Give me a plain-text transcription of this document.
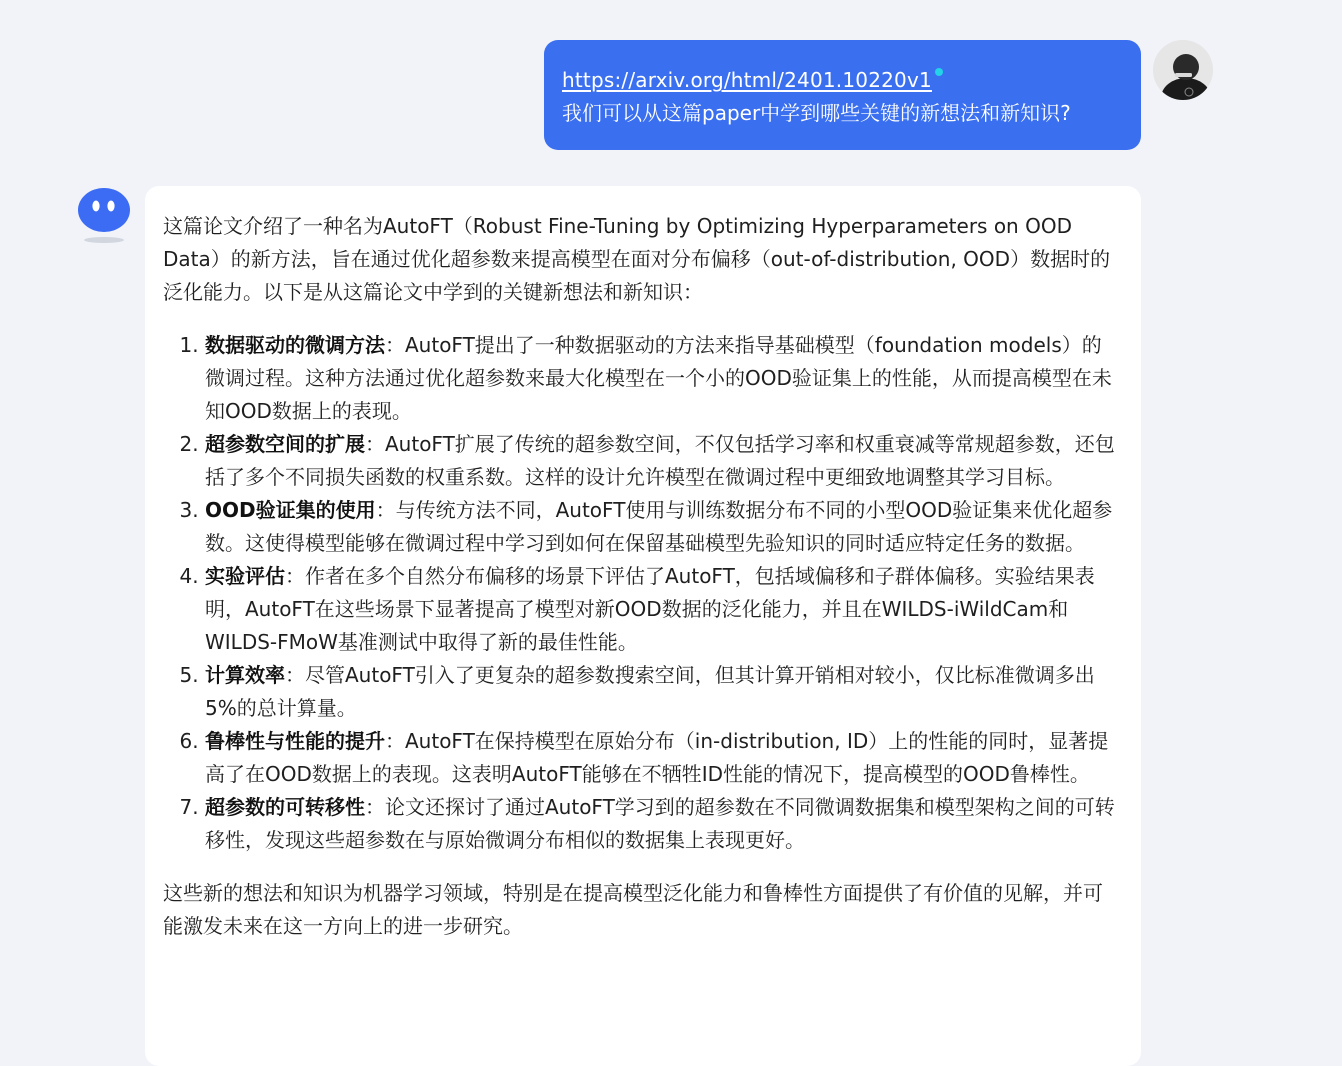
https://arxiv.org/html/2401.10220v1
我们可以从这篇paper中学到哪些关键的新想法和新知识?

这篇论文介绍了一种名为AutoFT（Robust Fine-Tuning by Optimizing Hyperparameters on OOD Data）的新方法，旨在通过优化超参数来提高模型在面对分布偏移（out-of-distribution, OOD）数据时的泛化能力。以下是从这篇论文中学到的关键新想法和新知识：

1. 数据驱动的微调方法：AutoFT提出了一种数据驱动的方法来指导基础模型（foundation models）的微调过程。这种方法通过优化超参数来最大化模型在一个小的OOD验证集上的性能，从而提高模型在未知OOD数据上的表现。
2. 超参数空间的扩展：AutoFT扩展了传统的超参数空间，不仅包括学习率和权重衰减等常规超参数，还包括了多个不同损失函数的权重系数。这样的设计允许模型在微调过程中更细致地调整其学习目标。
3. OOD验证集的使用：与传统方法不同，AutoFT使用与训练数据分布不同的小型OOD验证集来优化超参数。这使得模型能够在微调过程中学习到如何在保留基础模型先验知识的同时适应特定任务的数据。
4. 实验评估：作者在多个自然分布偏移的场景下评估了AutoFT，包括域偏移和子群体偏移。实验结果表明，AutoFT在这些场景下显著提高了模型对新OOD数据的泛化能力，并且在WILDS-iWildCam和WILDS-FMoW基准测试中取得了新的最佳性能。
5. 计算效率：尽管AutoFT引入了更复杂的超参数搜索空间，但其计算开销相对较小，仅比标准微调多出5%的总计算量。
6. 鲁棒性与性能的提升：AutoFT在保持模型在原始分布（in-distribution, ID）上的性能的同时，显著提高了在OOD数据上的表现。这表明AutoFT能够在不牺牲ID性能的情况下，提高模型的OOD鲁棒性。
7. 超参数的可转移性：论文还探讨了通过AutoFT学习到的超参数在不同微调数据集和模型架构之间的可转移性，发现这些超参数在与原始微调分布相似的数据集上表现更好。

这些新的想法和知识为机器学习领域，特别是在提高模型泛化能力和鲁棒性方面提供了有价值的见解，并可能激发未来在这一方向上的进一步研究。
